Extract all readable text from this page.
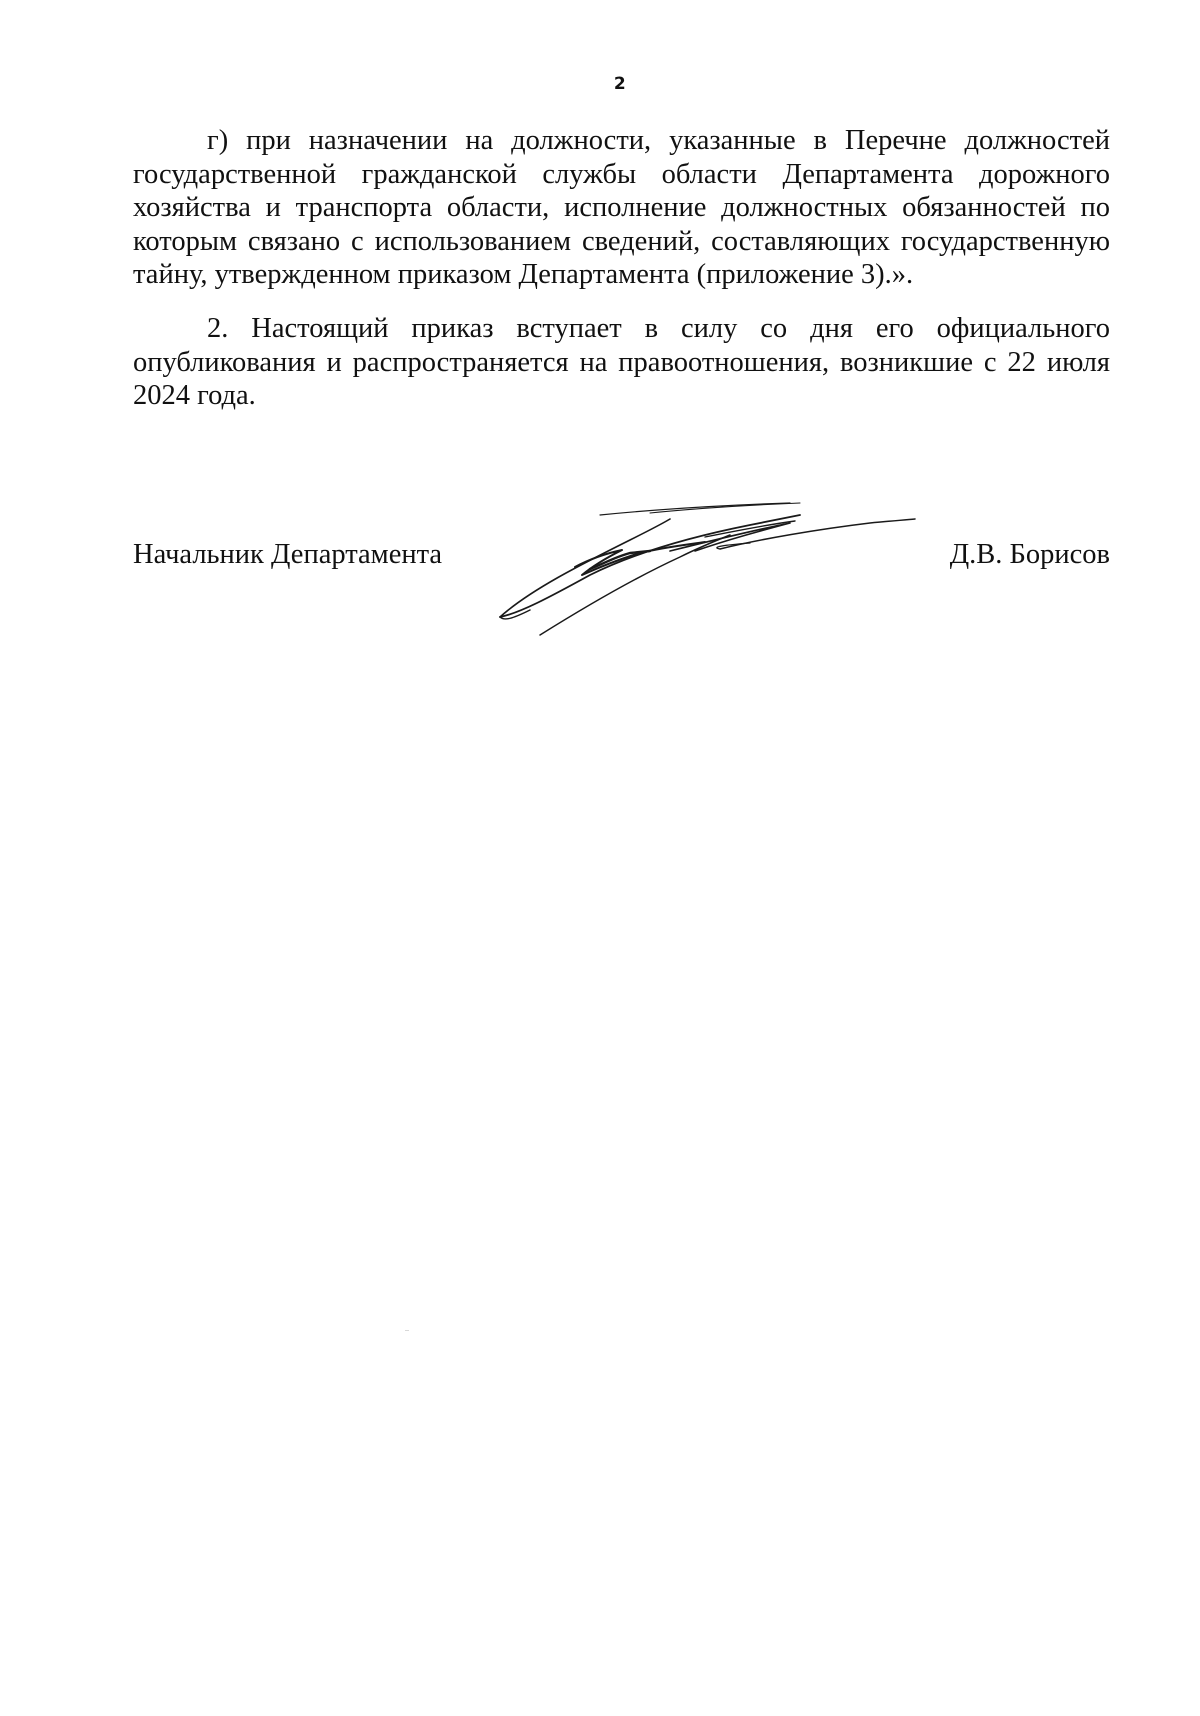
2

г) при назначении на должности, указанные в Перечне должностей государственной гражданской службы области Департамента дорожного хозяйства и транспорта области, исполнение должностных обязанностей по которым связано с использованием сведений, составляющих государственную тайну, утвержденном приказом Департамента (приложение 3).».

2. Настоящий приказ вступает в силу со дня его официального опубликования и распространяется на правоотношения, возникшие с 22 июля 2024 года.

Начальник Департамента	Д.В. Борисов
